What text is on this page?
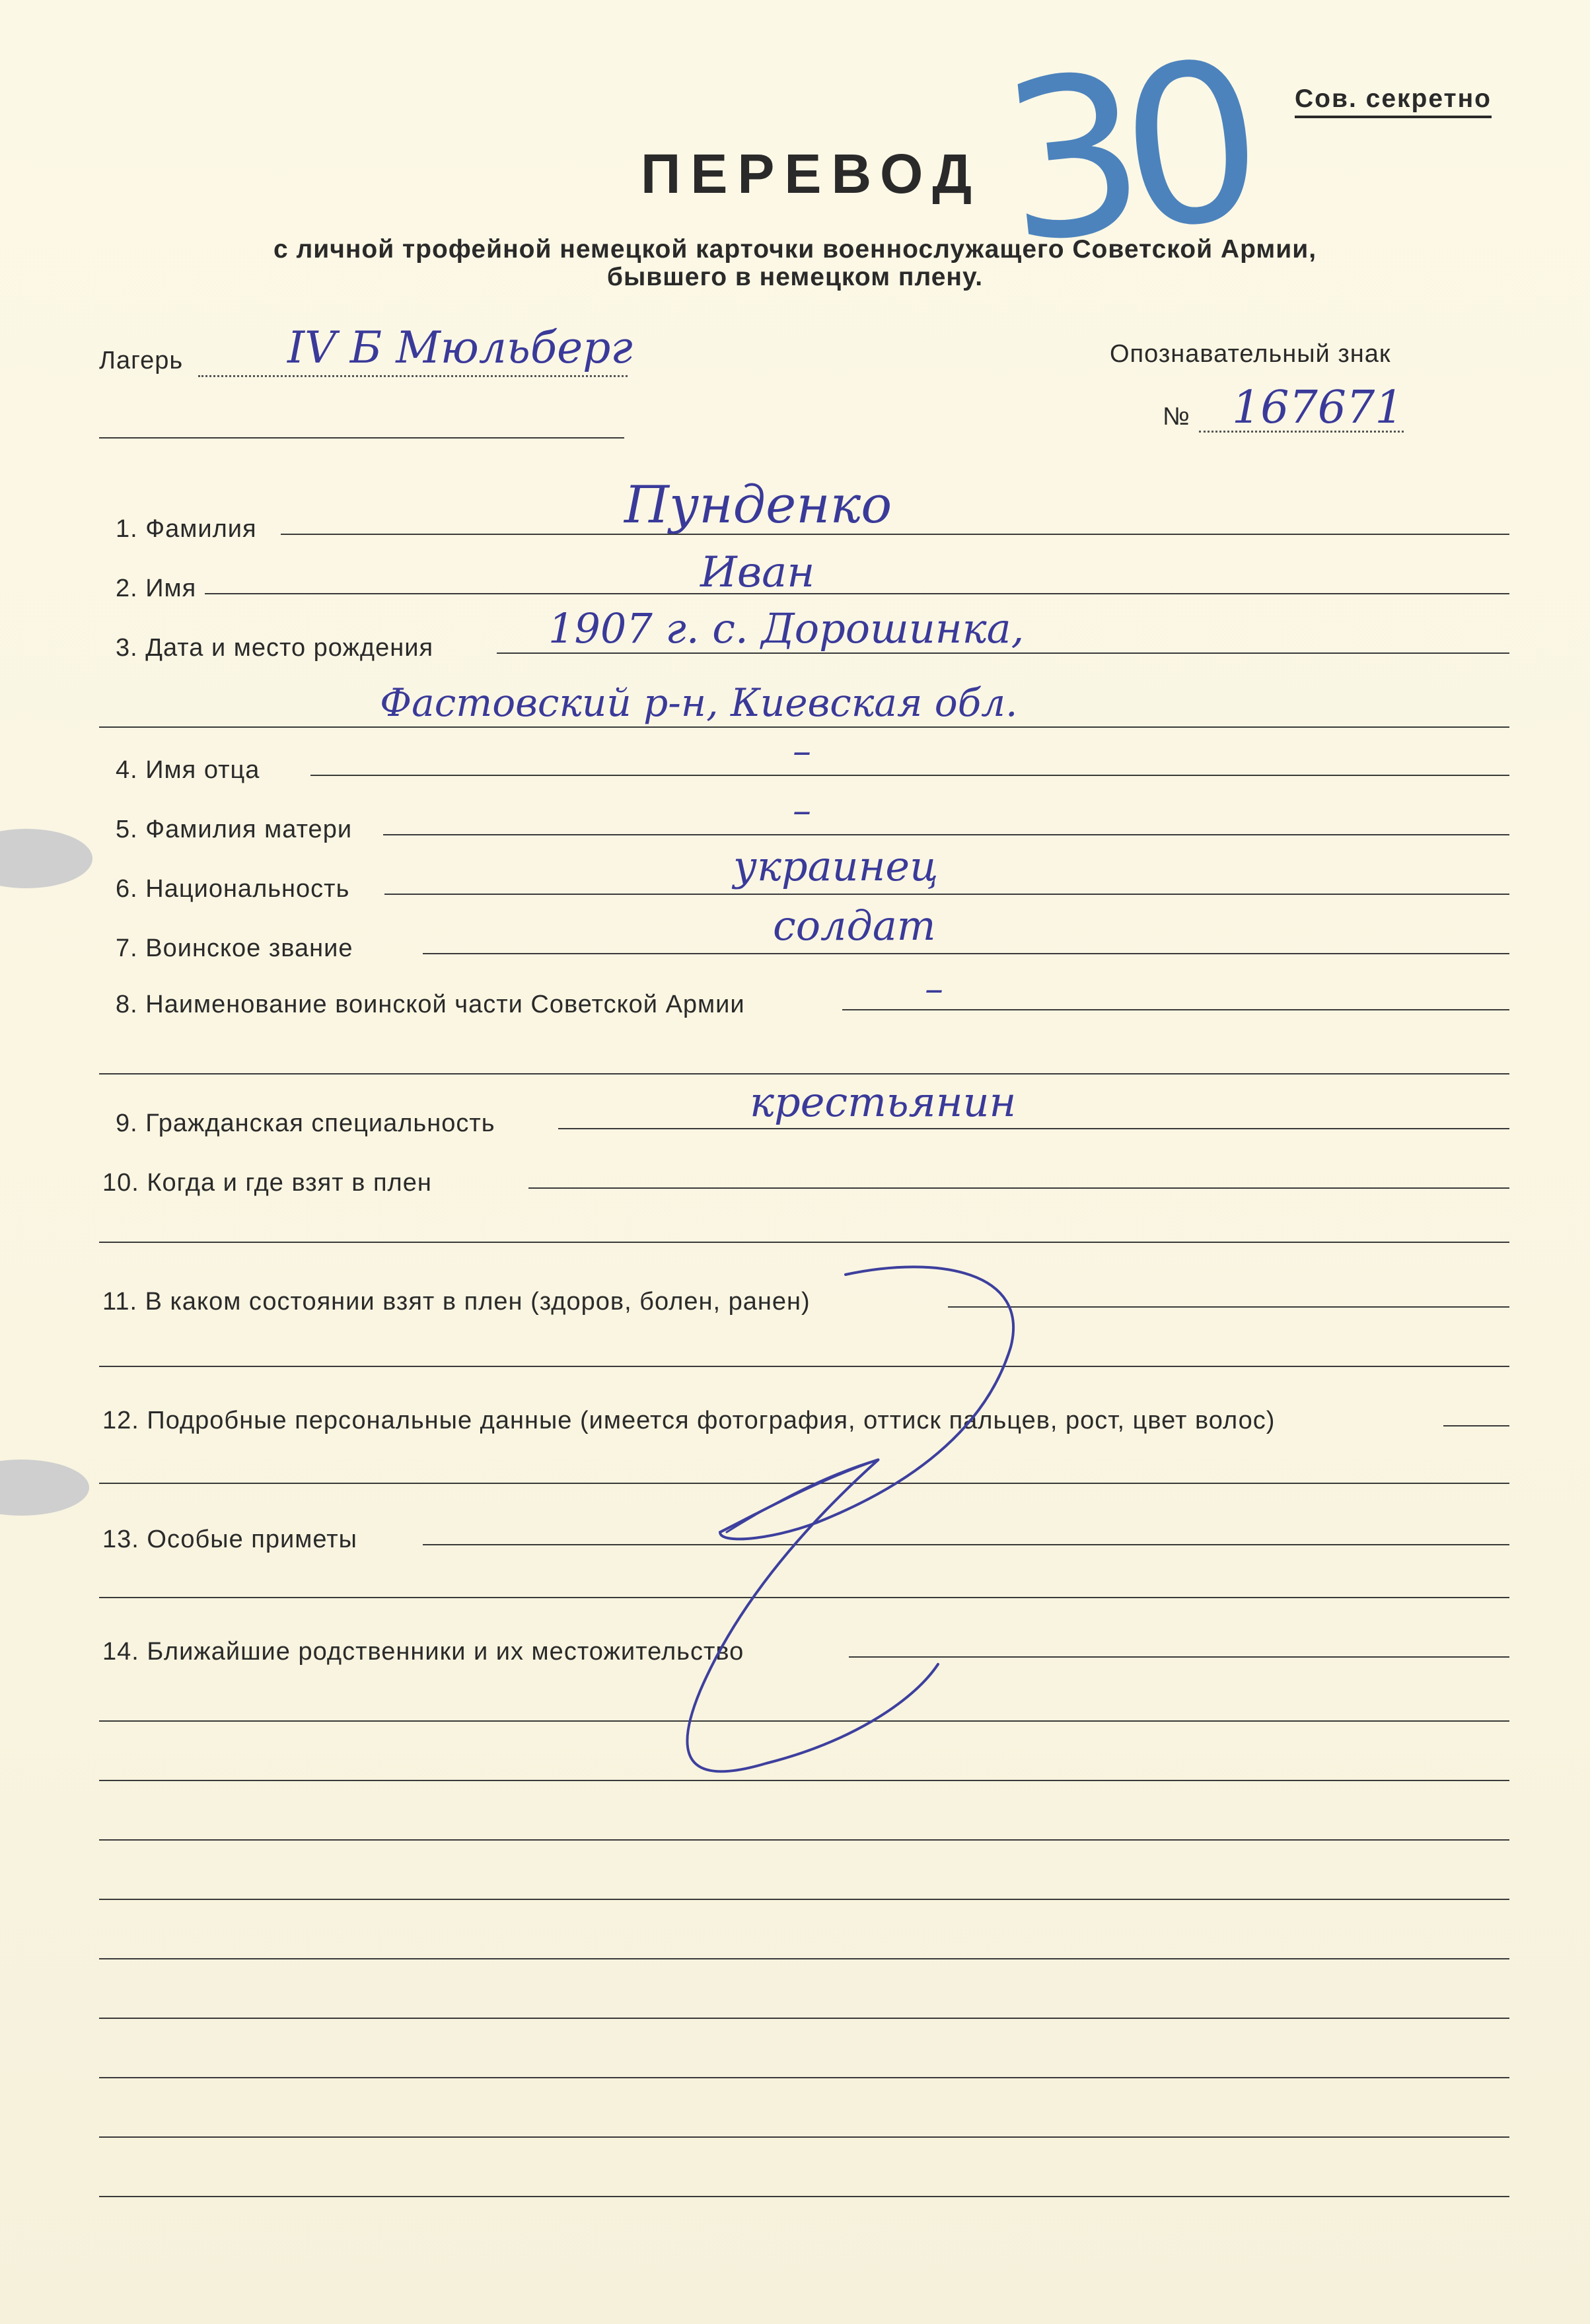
Сов. секретно
ПЕРЕВОД
с личной трофейной немецкой карточки военнослужащего Советской Армии,
бывшего в немецком плену. 30
Лагерь IV Б Мюльберг	Опознавательный знак
№ 167671
1. Фамилия	Пунденко
2. Имя	Иван
3. Дата и место рождения	1907 г. с. Дорошинка,
Фастовский р-н, Киевская обл.
4. Имя отца	–
5. Фамилия матери	–
6. Национальность	украинец
7. Воинское звание	солдат
8. Наименование воинской части Советской Армии	–
9. Гражданская специальность	крестьянин
10. Когда и где взят в плен
11. В каком состоянии взят в плен (здоров, болен, ранен)
12. Подробные персональные данные (имеется фотография, оттиск пальцев, рост, цвет волос)
13. Особые приметы
14. Ближайшие родственники и их местожительство
